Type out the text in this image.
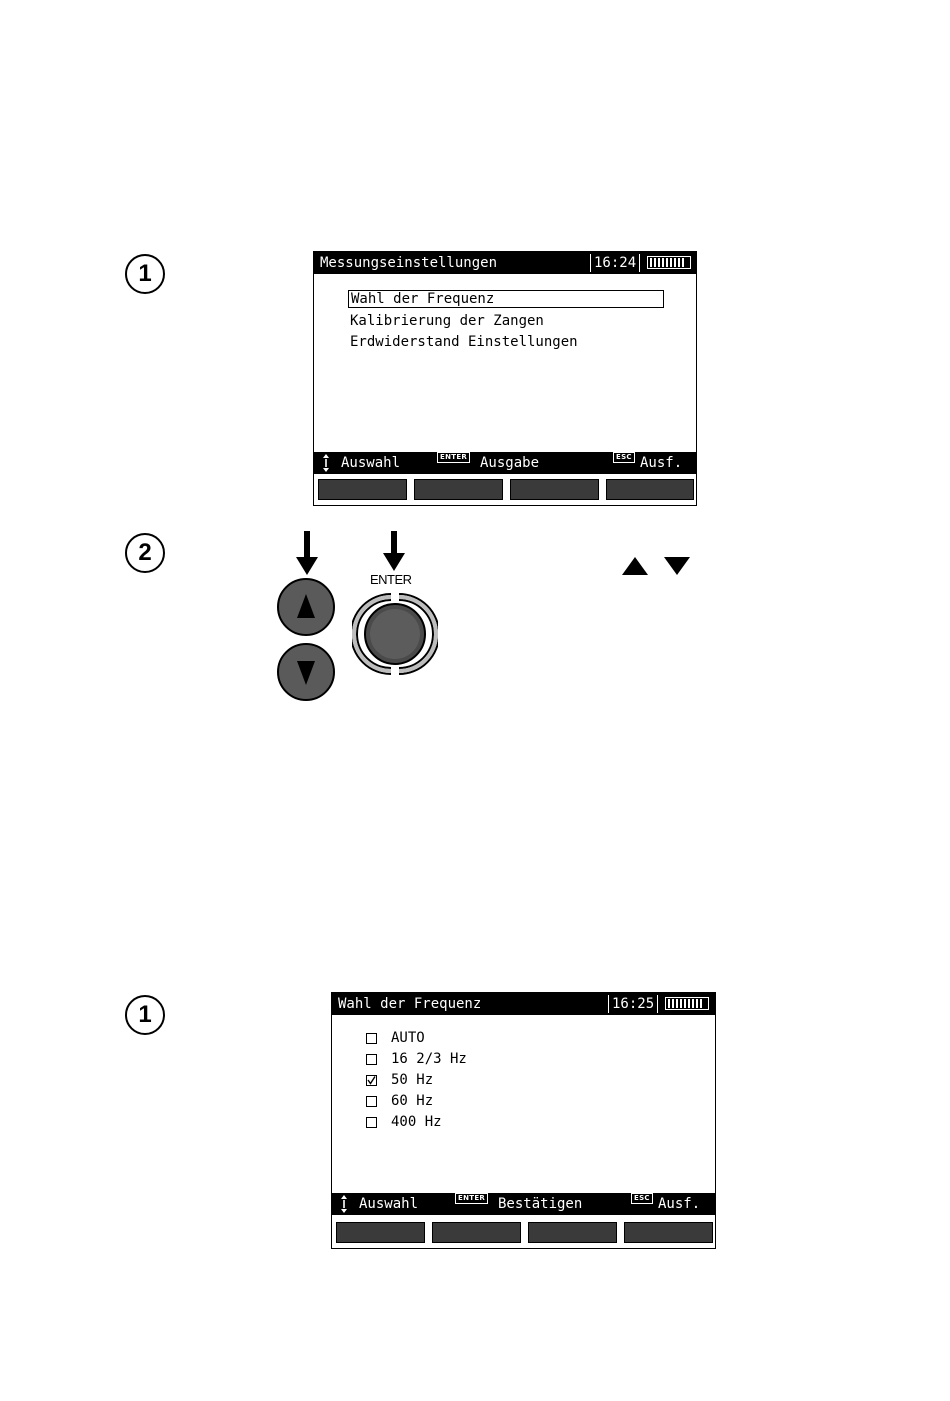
1	Messungseinstellungen	16:24
Wahl der Frequenz
Kalibrierung der Zangen
Erdwiderstand Einstellungen
Auswahl	ENTER Ausgabe	ESC Ausf.
2
ENTER
1	Wahl der Frequenz	16:25
AUTO
16 2/3 Hz

50 Hz
60 Hz
400 Hz
Auswahl	ENTER Bestätigen	ESC Ausf.
